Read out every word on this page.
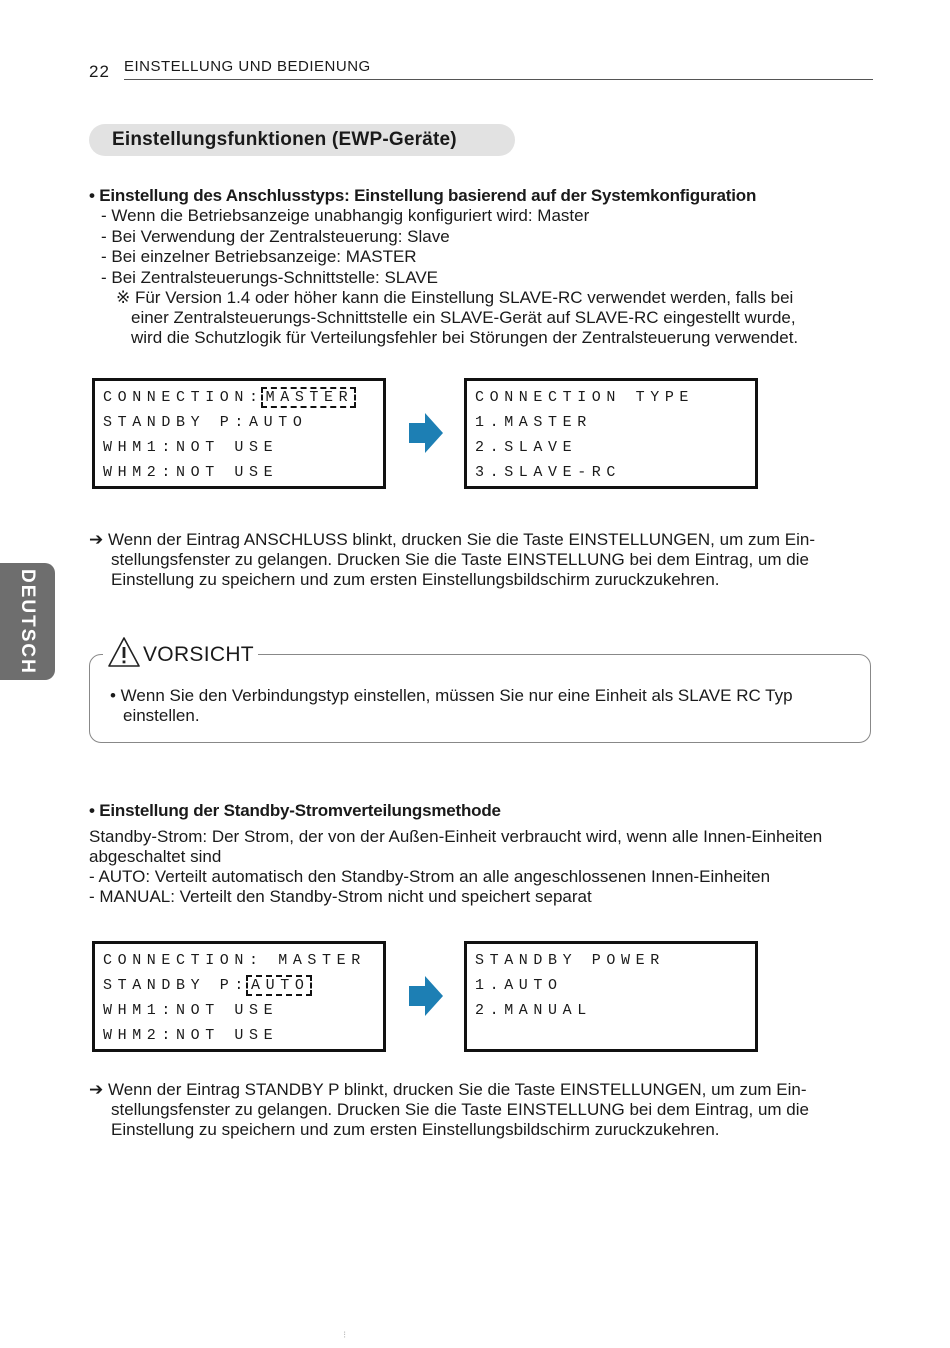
22 EINSTELLUNG UND BEDIENUNG
Einstellungsfunktionen (EWP-Geräte)
DEUTSCH
• Einstellung des Anschlusstyps: Einstellung basierend auf der Systemkonfiguration
- Wenn die Betriebsanzeige unabhangig konfiguriert wird: Master
- Bei Verwendung der Zentralsteuerung: Slave
- Bei einzelner Betriebsanzeige: MASTER
- Bei Zentralsteuerungs-Schnittstelle: SLAVE
※ Für Version 1.4 oder höher kann die Einstellung SLAVE-RC verwendet werden, falls bei
einer Zentralsteuerungs-Schnittstelle ein SLAVE-Gerät auf SLAVE-RC eingestellt wurde,
wird die Schutzlogik für Verteilungsfehler bei Störungen der Zentralsteuerung verwendet.
CONNECTION: MASTER
STANDBY P:AUTO
WHM1:NOT USE
WHM2:NOT USE
CONNECTION TYPE
1.MASTER
2.SLAVE
3.SLAVE-RC
➔ Wenn der Eintrag ANSCHLUSS blinkt, drucken Sie die Taste EINSTELLUNGEN, um zum Ein-
stellungsfenster zu gelangen. Drucken Sie die Taste EINSTELLUNG bei dem Eintrag, um die
Einstellung zu speichern und zum ersten Einstellungsbildschirm zuruckzukehren.
VORSICHT
• Wenn Sie den Verbindungstyp einstellen, müssen Sie nur eine Einheit als SLAVE RC Typ
einstellen.
• Einstellung der Standby-Stromverteilungsmethode
Standby-Strom: Der Strom, der von der Außen-Einheit verbraucht wird, wenn alle Innen-Einheiten
abgeschaltet sind
- AUTO: Verteilt automatisch den Standby-Strom an alle angeschlossenen Innen-Einheiten
- MANUAL: Verteilt den Standby-Strom nicht und speichert separat
CONNECTION: MASTER
STANDBY P: AUTO
WHM1:NOT USE
WHM2:NOT USE
STANDBY POWER
1.AUTO
2.MANUAL
➔ Wenn der Eintrag STANDBY P blinkt, drucken Sie die Taste EINSTELLUNGEN, um zum Ein-
stellungsfenster zu gelangen. Drucken Sie die Taste EINSTELLUNG bei dem Eintrag, um die
Einstellung zu speichern und zum ersten Einstellungsbildschirm zuruckzukehren.
⁝
